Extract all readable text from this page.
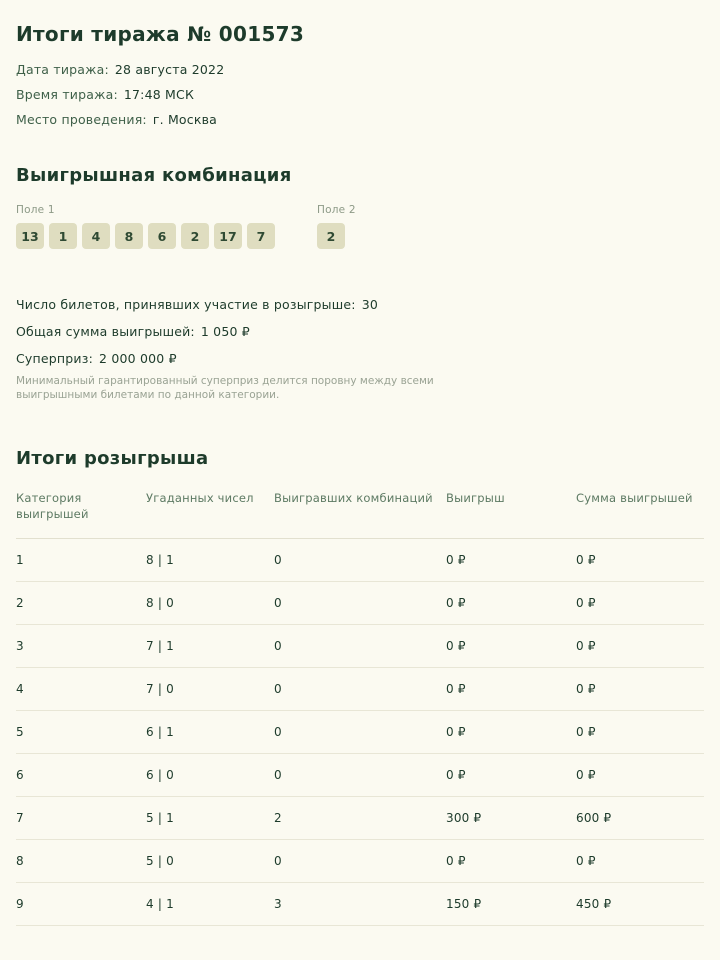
Итоги тиража № 001573
Дата тиража: 28 августа 2022
Время тиража: 17:48 МСК
Место проведения: г. Москва
Выигрышная комбинация
Поле 1
13	1	4	8	6	2	17	7
Поле 2
2
Число билетов, принявших участие в розыгрыше: 30
Общая сумма выигрышей: 1 050 ₽
Суперприз: 2 000 000 ₽
Минимальный гарантированный суперприз делится поровну между всеми выигрышными билетами по данной категории.
Итоги розыгрыша
Категория выигрышей	Угаданных чисел	Выигравших комбинаций	Выигрыш	Сумма выигрышей
1	8 | 1	0	0 ₽	0 ₽
2	8 | 0	0	0 ₽	0 ₽
3	7 | 1	0	0 ₽	0 ₽
4	7 | 0	0	0 ₽	0 ₽
5	6 | 1	0	0 ₽	0 ₽
6	6 | 0	0	0 ₽	0 ₽
7	5 | 1	2	300 ₽	600 ₽
8	5 | 0	0	0 ₽	0 ₽
9	4 | 1	3	150 ₽	450 ₽
